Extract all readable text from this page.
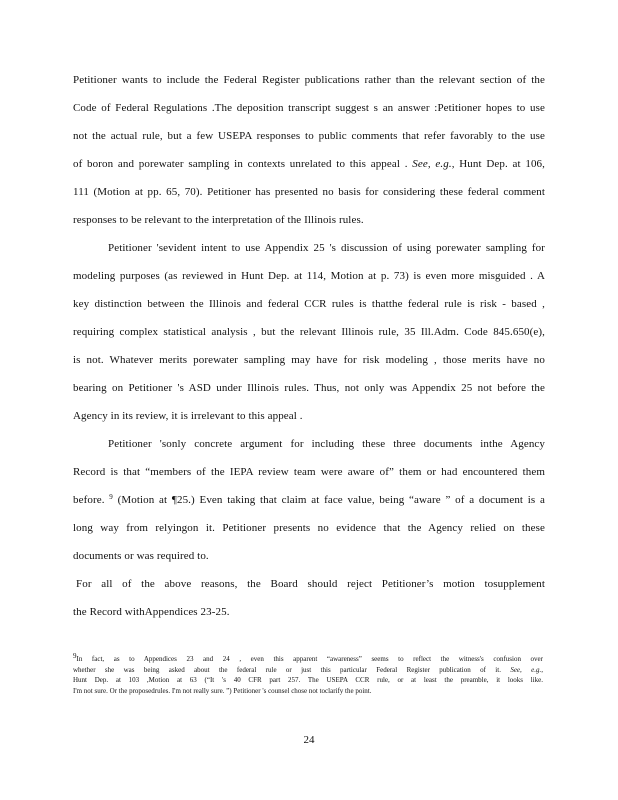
Petitioner wants to include the Federal Register publications rather than the relevant section of the
Code of Federal Regulations .The deposition transcript suggest s an answer :Petitioner hopes to use
not the actual rule, but a few USEPA responses to public comments that refer favorably to the use
of boron and porewater sampling in contexts unrelated to this appeal . See, e.g., Hunt Dep. at 106,
111 (Motion at pp. 65, 70). Petitioner has presented no basis for considering these federal comment
responses to be relevant to the interpretation of the Illinois rules.
Petitioner 'sevident intent to use Appendix 25 's discussion of using porewater sampling for
modeling purposes (as reviewed in Hunt Dep. at 114, Motion at p. 73) is even more misguided . A
key distinction between the Illinois and federal CCR rules is thatthe federal rule is risk - based ,
requiring complex statistical analysis , but the relevant Illinois rule, 35 Ill.Adm. Code 845.650(e),
is not. Whatever merits porewater sampling may have for risk modeling , those merits have no
bearing on Petitioner 's ASD under Illinois rules. Thus, not only was Appendix 25 not before the
Agency in its review, it is irrelevant to this appeal .
Petitioner 'sonly concrete argument for including these three documents inthe Agency
Record is that “members of the IEPA review team were aware of” them or had encountered them
before. $^9$ (Motion at ¶25.) Even taking that claim at face value, being “aware ” of a document is a
long way from relyingon it. Petitioner presents no evidence that the Agency relied on these
documents or was required to.
For all of the above reasons, the Board should reject Petitioner’s motion tosupplement
the Record withAppendices 23-25.
$^9$In fact, as to Appendices 23 and 24 , even this apparent “awareness” seems to reflect the witness's confusion over
whether she was being asked about the federal rule or just this particular Federal Register publication of it. See, e.g.,
Hunt Dep. at 103 ,Motion at 63 (“It 's 40 CFR part 257. The USEPA CCR rule, or at least the preamble, it looks like.
I'm not sure. Or the proposedrules. I'm not really sure. ”) Petitioner 's counsel chose not toclarify the point.
24
